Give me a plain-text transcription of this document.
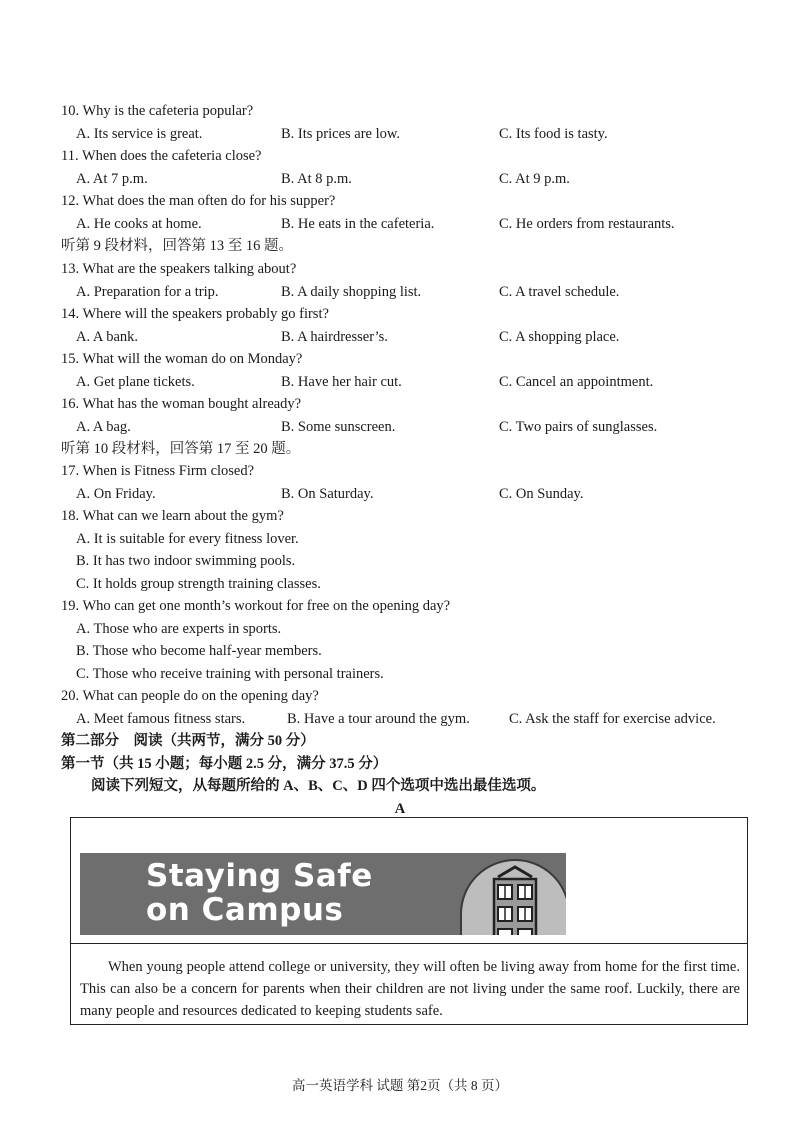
10. Why is the cafeteria popular?
A. Its service is great.	B. Its prices are low.	C. Its food is tasty.
11. When does the cafeteria close?
A. At 7 p.m.	B. At 8 p.m.	C. At 9 p.m.
12. What does the man often do for his supper?
A. He cooks at home.	B. He eats in the cafeteria.	C. He orders from restaurants.
听第 9 段材料，回答第 13 至 16 题。
13. What are the speakers talking about?
A. Preparation for a trip.	B. A daily shopping list.	C. A travel schedule.
14. Where will the speakers probably go first?
A. A bank.	B. A hairdresser’s.	C. A shopping place.
15. What will the woman do on Monday?
A. Get plane tickets.	B. Have her hair cut.	C. Cancel an appointment.
16. What has the woman bought already?
A. A bag.	B. Some sunscreen.	C. Two pairs of sunglasses.
听第 10 段材料，回答第 17 至 20 题。
17. When is Fitness Firm closed?
A. On Friday.	B. On Saturday.	C. On Sunday.
18. What can we learn about the gym?
A. It is suitable for every fitness lover.
B. It has two indoor swimming pools.
C. It holds group strength training classes.
19. Who can get one month’s workout for free on the opening day?
A. Those who are experts in sports.
B. Those who become half-year members.
C. Those who receive training with personal trainers.
20. What can people do on the opening day?
A. Meet famous fitness stars.	B. Have a tour around the gym.	C. Ask the staff for exercise advice.
第二部分　阅读（共两节，满分 50 分）
第一节（共 15 小题；每小题 2.5 分，满分 37.5 分）
阅读下列短文，从每题所给的 A、B、C、D 四个选项中选出最佳选项。
A
Staying Safe
on Campus
When young people attend college or university, they will often be living away from home for the first time. This can also be a concern for parents when their children are not living under the same roof. Luckily, there are many people and resources dedicated to keeping students safe.
高一英语学科 试题 第2页（共 8 页）
